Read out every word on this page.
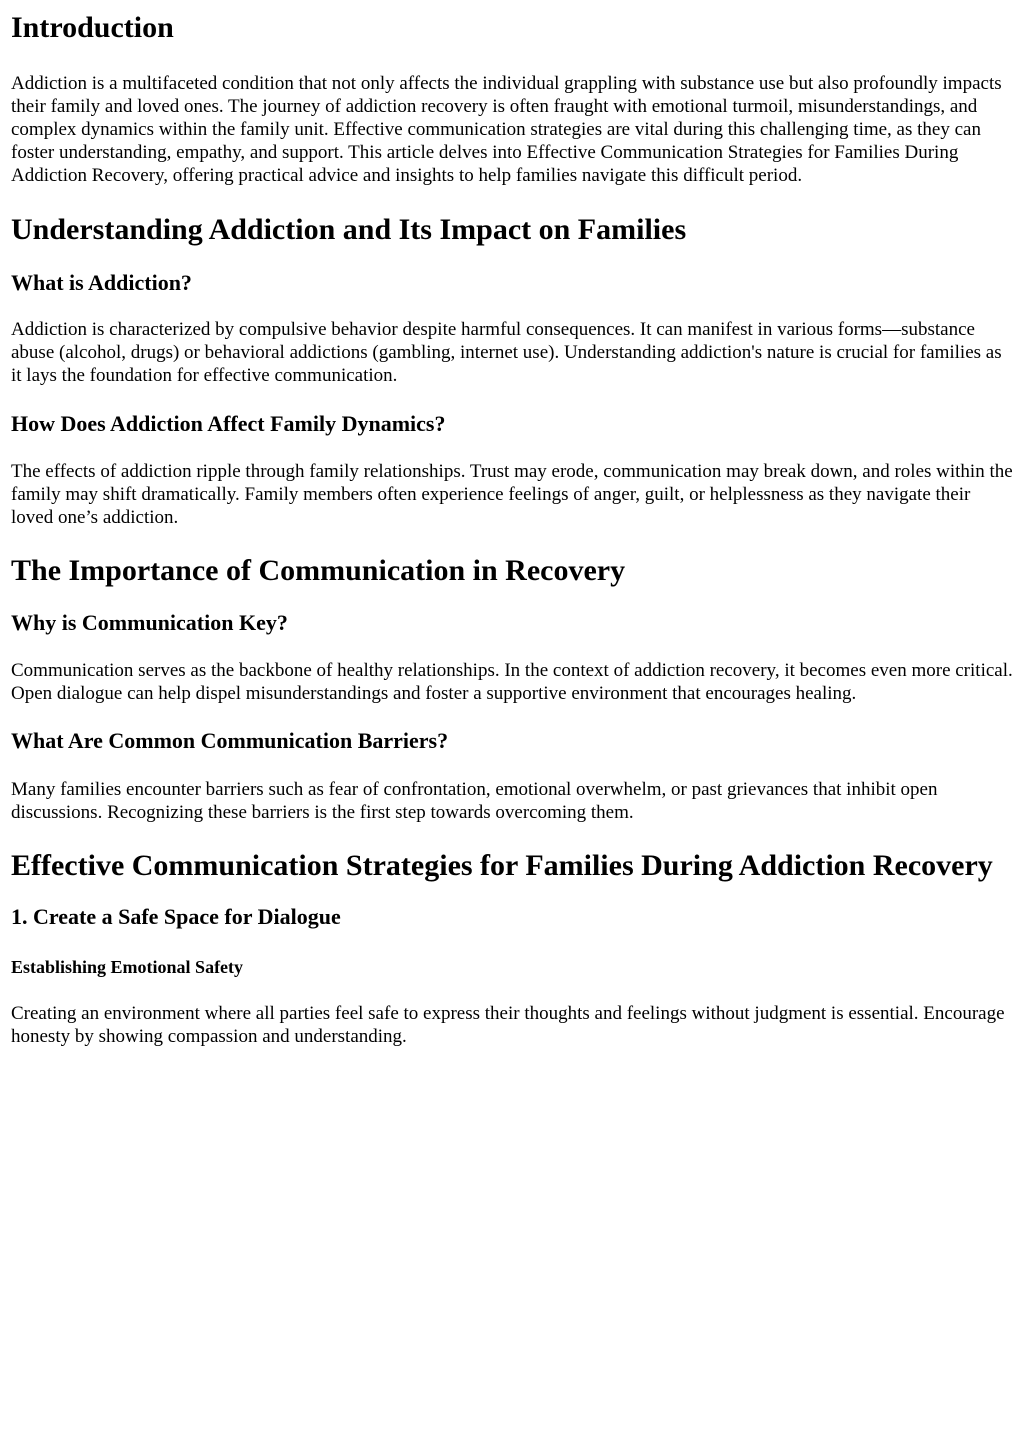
Introduction

Addiction is a multifaceted condition that not only affects the individual grappling with substance use but also profoundly impacts their family and loved ones. The journey of addiction recovery is often fraught with emotional turmoil, misunderstandings, and complex dynamics within the family unit. Effective communication strategies are vital during this challenging time, as they can foster understanding, empathy, and support. This article delves into Effective Communication Strategies for Families During Addiction Recovery, offering practical advice and insights to help families navigate this difficult period.

Understanding Addiction and Its Impact on Families
What is Addiction?

Addiction is characterized by compulsive behavior despite harmful consequences. It can manifest in various forms—substance abuse (alcohol, drugs) or behavioral addictions (gambling, internet use). Understanding addiction's nature is crucial for families as it lays the foundation for effective communication.

How Does Addiction Affect Family Dynamics?

The effects of addiction ripple through family relationships. Trust may erode, communication may break down, and roles within the family may shift dramatically. Family members often experience feelings of anger, guilt, or helplessness as they navigate their loved one’s addiction.

The Importance of Communication in Recovery
Why is Communication Key?

Communication serves as the backbone of healthy relationships. In the context of addiction recovery, it becomes even more critical. Open dialogue can help dispel misunderstandings and foster a supportive environment that encourages healing.

What Are Common Communication Barriers?

Many families encounter barriers such as fear of confrontation, emotional overwhelm, or past grievances that inhibit open discussions. Recognizing these barriers is the first step towards overcoming them.

Effective Communication Strategies for Families During Addiction Recovery
1. Create a Safe Space for Dialogue
Establishing Emotional Safety

Creating an environment where all parties feel safe to express their thoughts and feelings without judgment is essential. Encourage honesty by showing compassion and understanding.
